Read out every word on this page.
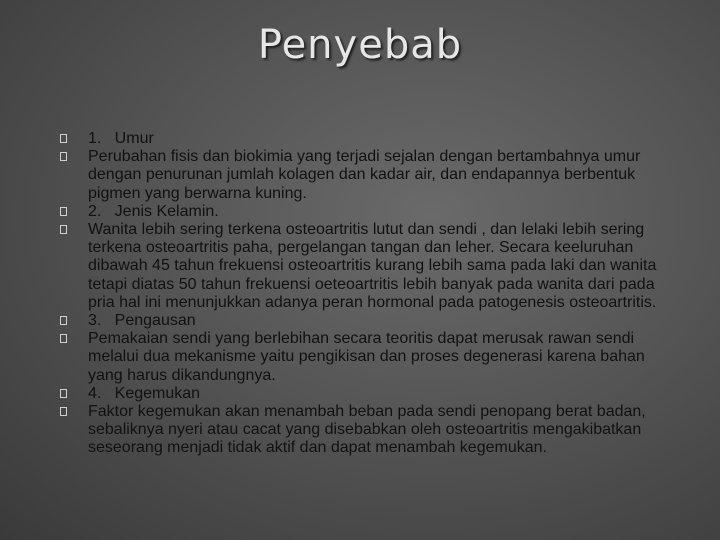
Penyebab
1.   Umur
Perubahan fisis dan biokimia yang terjadi sejalan dengan bertambahnya umur dengan penurunan jumlah kolagen dan kadar air, dan endapannya berbentuk pigmen yang berwarna kuning.
2.   Jenis Kelamin.
Wanita lebih sering terkena osteoartritis lutut dan sendi , dan lelaki lebih sering terkena osteoartritis paha, pergelangan tangan dan leher. Secara keeluruhan dibawah 45 tahun frekuensi osteoartritis kurang lebih sama pada laki dan wanita tetapi diatas 50 tahun frekuensi oeteoartritis lebih banyak pada wanita dari pada pria hal ini menunjukkan adanya peran hormonal pada patogenesis osteoartritis.
3.   Pengausan
Pemakaian sendi yang berlebihan secara teoritis dapat merusak rawan sendi melalui dua mekanisme yaitu pengikisan dan proses degenerasi karena bahan yang harus dikandungnya.
4.   Kegemukan
Faktor kegemukan akan menambah beban pada sendi penopang berat badan, sebaliknya nyeri atau cacat yang disebabkan oleh osteoartritis mengakibatkan seseorang menjadi tidak aktif dan dapat menambah kegemukan.
